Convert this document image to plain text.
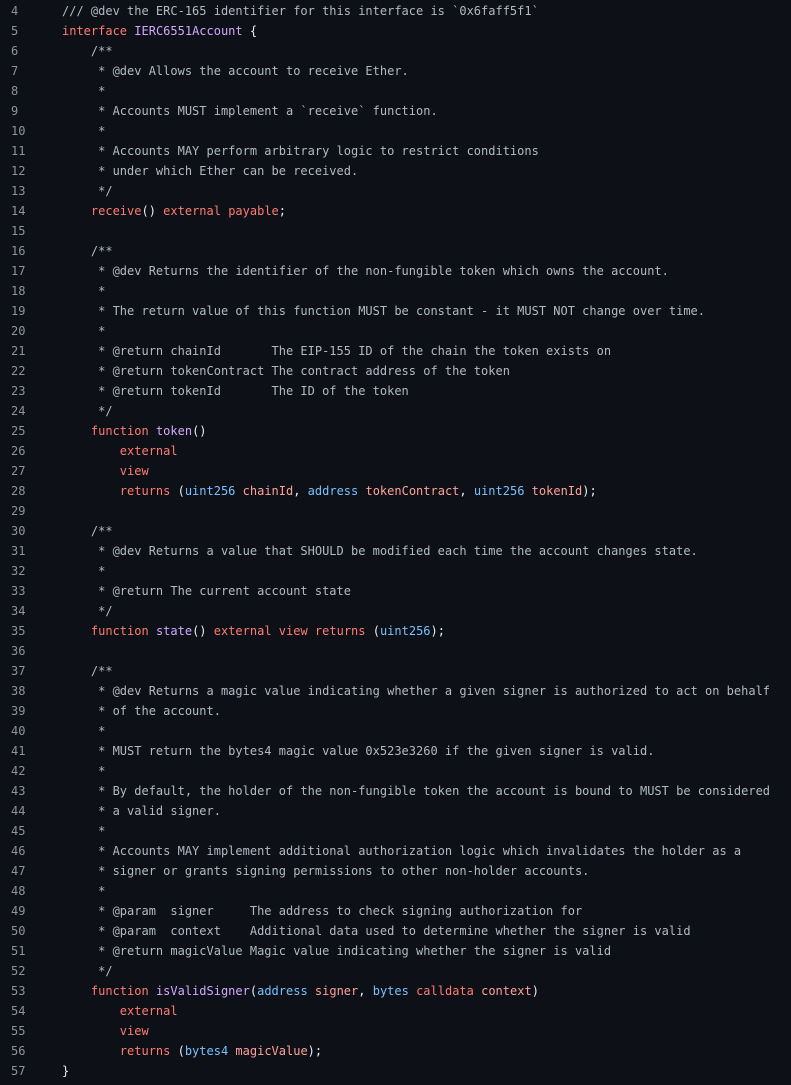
4	/// @dev the ERC-165 identifier for this interface is `0x6faff5f1`
5	interface IERC6551Account {
6	/**
7	* @dev Allows the account to receive Ether.
8	*
9	* Accounts MUST implement a `receive` function.
10	*
11	* Accounts MAY perform arbitrary logic to restrict conditions
12	* under which Ether can be received.
13	*/
14	receive() external payable;
15
16	/**
17	* @dev Returns the identifier of the non-fungible token which owns the account.
18	*
19	* The return value of this function MUST be constant - it MUST NOT change over time.
20	*
21	* @return chainId       The EIP-155 ID of the chain the token exists on
22	* @return tokenContract The contract address of the token
23	* @return tokenId       The ID of the token
24	*/
25	function token()
26	external
27	view
28	returns (uint256 chainId, address tokenContract, uint256 tokenId);
29
30	/**
31	* @dev Returns a value that SHOULD be modified each time the account changes state.
32	*
33	* @return The current account state
34	*/
35	function state() external view returns (uint256);
36
37	/**
38	* @dev Returns a magic value indicating whether a given signer is authorized to act on behalf
39	* of the account.
40	*
41	* MUST return the bytes4 magic value 0x523e3260 if the given signer is valid.
42	*
43	* By default, the holder of the non-fungible token the account is bound to MUST be considered
44	* a valid signer.
45	*
46	* Accounts MAY implement additional authorization logic which invalidates the holder as a
47	* signer or grants signing permissions to other non-holder accounts.
48	*
49	* @param  signer     The address to check signing authorization for
50	* @param  context    Additional data used to determine whether the signer is valid
51	* @return magicValue Magic value indicating whether the signer is valid
52	*/
53	function isValidSigner(address signer, bytes calldata context)
54	external
55	view
56	returns (bytes4 magicValue);
57	}
